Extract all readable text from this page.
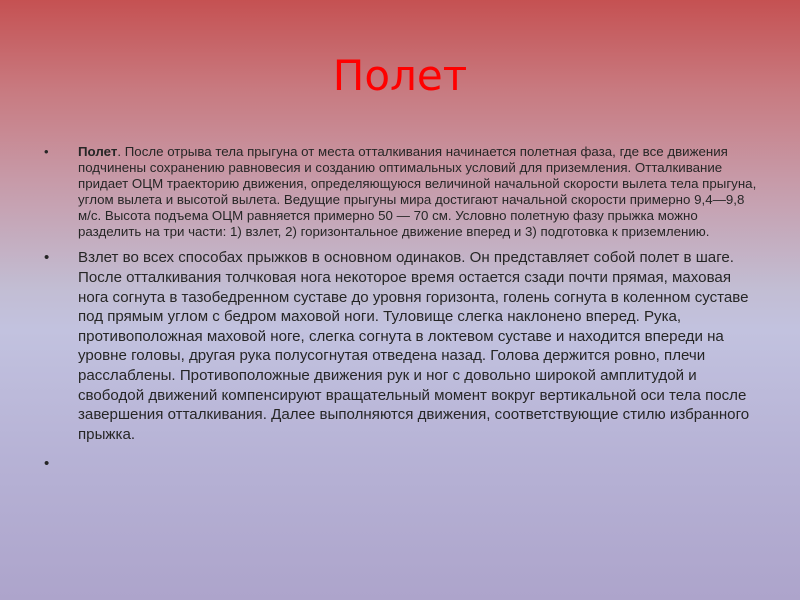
Полет
• Полет. После отрыва тела прыгуна от места отталкивания начинается полетная фаза, где все движения подчинены сохранению равновесия и созданию оптимальных условий для приземления. Отталкивание придает ОЦМ траекторию движения, определяющуюся величиной начальной скорости вылета тела прыгуна, углом вылета и высотой вылета. Ведущие прыгуны мира достигают начальной скорости примерно 9,4—9,8 м/с. Высота подъема ОЦМ равняется примерно 50 — 70 см. Условно полетную фазу прыжка можно разделить на три части: 1) взлет, 2) горизонтальное движение вперед и 3) подготовка к приземлению.
• Взлет во всех способах прыжков в основном одинаков. Он представляет собой полет в шаге. После отталкивания толчковая нога некоторое время остается сзади почти прямая, маховая нога согнута в тазобедренном суставе до уровня горизонта, голень согнута в коленном суставе под прямым углом с бедром маховой ноги. Туловище слегка наклонено вперед. Рука, противоположная маховой ноге, слегка согнута в локтевом суставе и находится впереди на уровне головы, другая рука полусогнутая отведена назад. Голова держится ровно, плечи расслаблены. Противоположные движения рук и ног с довольно широкой амплитудой и свободой движений компенсируют вращательный момент вокруг вертикальной оси тела после завершения отталкивания. Далее выполняются движения, соответствующие стилю избранного прыжка.
•
